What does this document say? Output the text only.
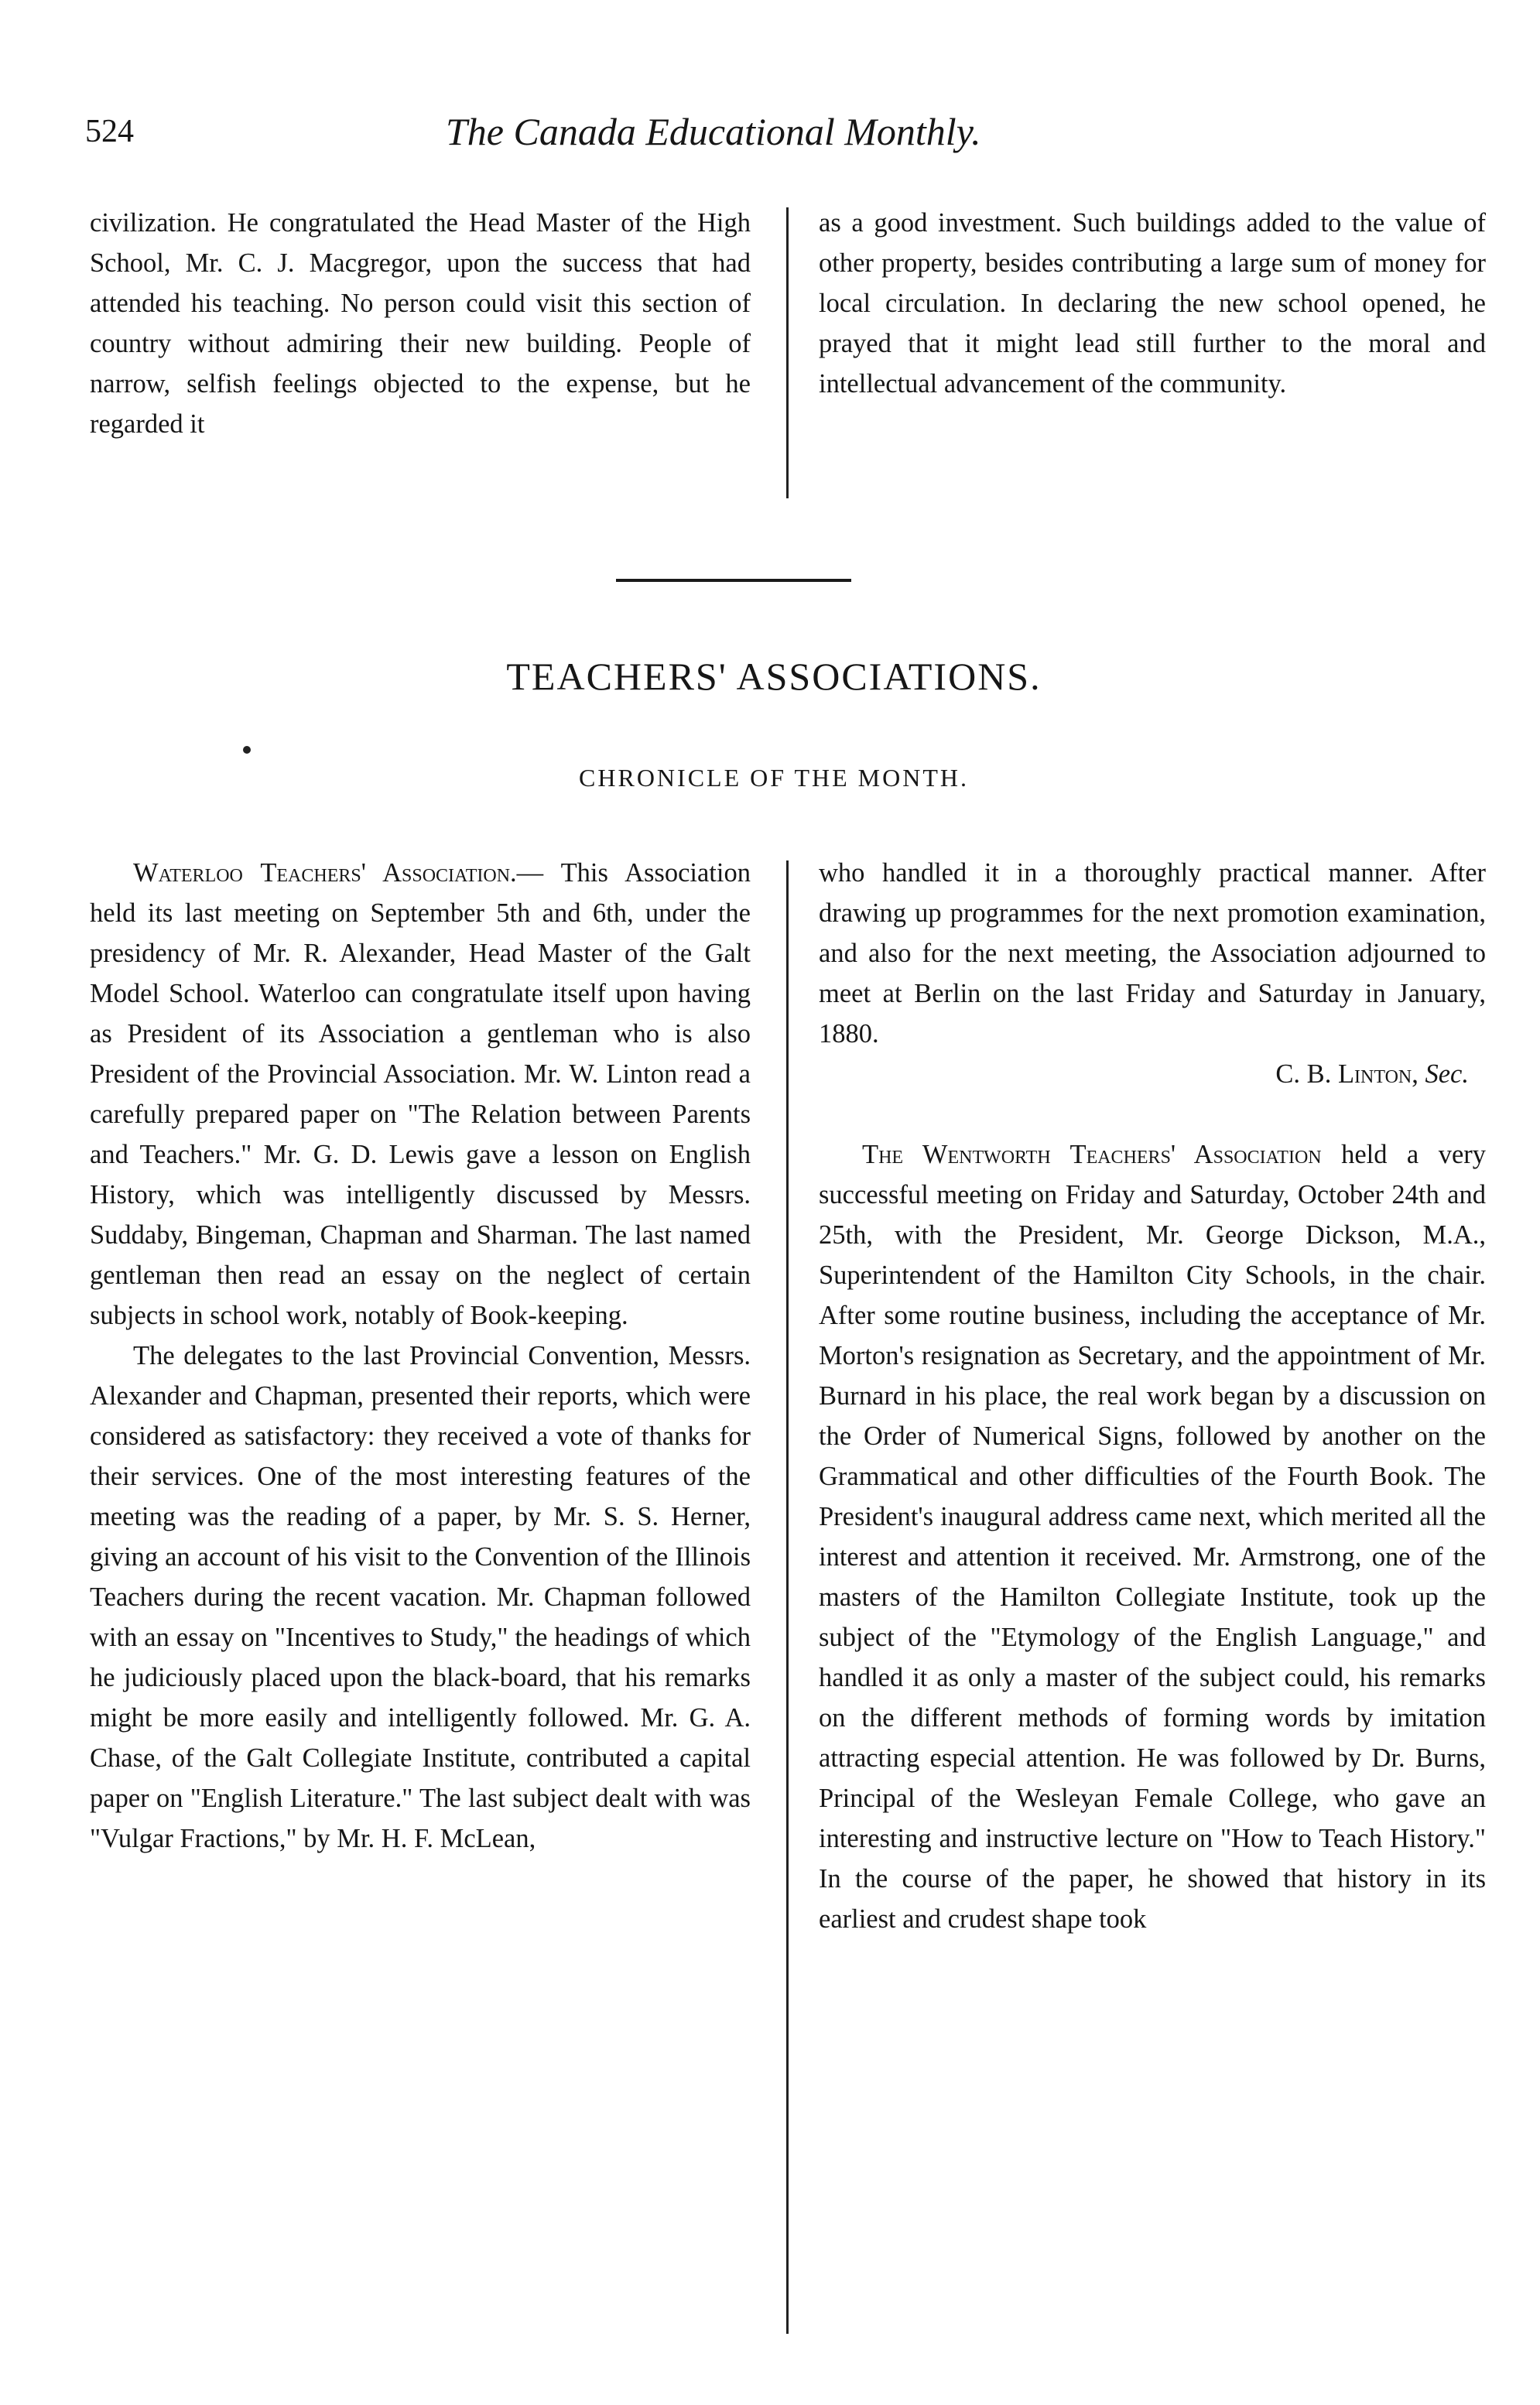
524	The Canada Educational Monthly.

civilization. He congratulated the Head Master of the High School, Mr. C. J. Macgregor, upon the success that had attended his teaching. No person could visit this section of country without admiring their new building. People of narrow, selfish feelings objected to the expense, but he regarded it

as a good investment. Such buildings added to the value of other property, besides contributing a large sum of money for local circulation. In declaring the new school opened, he prayed that it might lead still further to the moral and intellectual advancement of the community.

TEACHERS' ASSOCIATIONS.
CHRONICLE OF THE MONTH.

Waterloo Teachers' Association.— This Association held its last meeting on September 5th and 6th, under the presidency of Mr. R. Alexander, Head Master of the Galt Model School. Waterloo can congratulate itself upon having as President of its Association a gentleman who is also President of the Provincial Association. Mr. W. Linton read a carefully prepared paper on "The Relation between Parents and Teachers." Mr. G. D. Lewis gave a lesson on English History, which was intelligently discussed by Messrs. Suddaby, Bingeman, Chapman and Sharman. The last named gentleman then read an essay on the neglect of certain subjects in school work, notably of Book-keeping.

The delegates to the last Provincial Convention, Messrs. Alexander and Chapman, presented their reports, which were considered as satisfactory: they received a vote of thanks for their services. One of the most interesting features of the meeting was the reading of a paper, by Mr. S. S. Herner, giving an account of his visit to the Convention of the Illinois Teachers during the recent vacation. Mr. Chapman followed with an essay on "Incentives to Study," the headings of which he judiciously placed upon the black-board, that his remarks might be more easily and intelligently followed. Mr. G. A. Chase, of the Galt Collegiate Institute, contributed a capital paper on "English Literature." The last subject dealt with was "Vulgar Fractions," by Mr. H. F. McLean,

who handled it in a thoroughly practical manner. After drawing up programmes for the next promotion examination, and also for the next meeting, the Association adjourned to meet at Berlin on the last Friday and Saturday in January, 1880.

C. B. Linton, Sec.

The Wentworth Teachers' Association held a very successful meeting on Friday and Saturday, October 24th and 25th, with the President, Mr. George Dickson, M.A., Superintendent of the Hamilton City Schools, in the chair. After some routine business, including the acceptance of Mr. Morton's resignation as Secretary, and the appointment of Mr. Burnard in his place, the real work began by a discussion on the Order of Numerical Signs, followed by another on the Grammatical and other difficulties of the Fourth Book. The President's inaugural address came next, which merited all the interest and attention it received. Mr. Armstrong, one of the masters of the Hamilton Collegiate Institute, took up the subject of the "Etymology of the English Language," and handled it as only a master of the subject could, his remarks on the different methods of forming words by imitation attracting especial attention. He was followed by Dr. Burns, Principal of the Wesleyan Female College, who gave an interesting and instructive lecture on "How to Teach History." In the course of the paper, he showed that history in its earliest and crudest shape took
